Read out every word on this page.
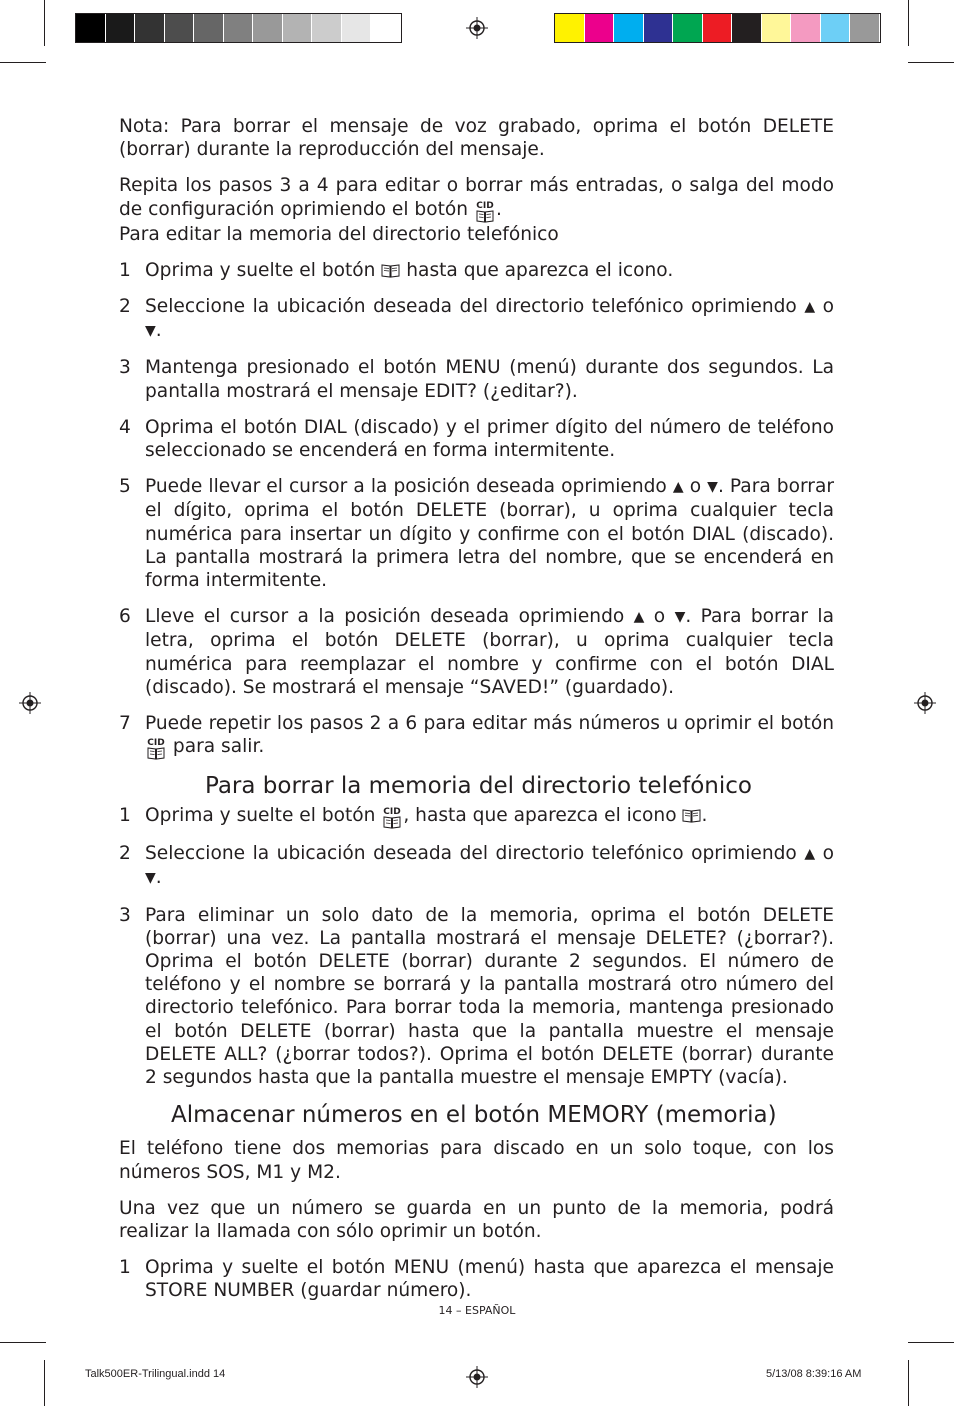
Nota: Para borrar el mensaje de voz grabado, oprima el botón DELETE (borrar) durante la reproducción del mensaje.

Repita los pasos 3 a 4 para editar o borrar más entradas, o salga del modo de configuración oprimiendo el botón CID .

Para editar la memoria del directorio telefónico

1 Oprima y suelte el botón  hasta que aparezca el icono.
2 Seleccione la ubicación deseada del directorio telefónico oprimiendo ▲ o ▼.
3 Mantenga presionado el botón MENU (menú) durante dos segundos. La pantalla mostrará el mensaje EDIT? (¿editar?).
4 Oprima el botón DIAL (discado) y el primer dígito del número de teléfono seleccionado se encenderá en forma intermitente.
5 Puede llevar el cursor a la posición deseada oprimiendo ▲ o ▼. Para borrar el dígito, oprima el botón DELETE (borrar), u oprima cualquier tecla numérica para insertar un dígito y confirme con el botón DIAL (discado). La pantalla mostrará la primera letra del nombre, que se encenderá en forma intermitente.
6 Lleve el cursor a la posición deseada oprimiendo ▲ o ▼. Para borrar la letra, oprima el botón DELETE (borrar), u oprima cualquier tecla numérica para reemplazar el nombre y confirme con el botón DIAL (discado). Se mostrará el mensaje “SAVED!” (guardado).
7 Puede repetir los pasos 2 a 6 para editar más números u oprimir el botón
CID para salir.
Para borrar la memoria del directorio telefónico
1 Oprima y suelte el botón CID , hasta que aparezca el icono .
2 Seleccione la ubicación deseada del directorio telefónico oprimiendo ▲ o ▼.
3 Para eliminar un solo dato de la memoria, oprima el botón DELETE (borrar) una vez. La pantalla mostrará el mensaje DELETE? (¿borrar?). Oprima el botón DELETE (borrar) durante 2 segundos. El número de teléfono y el nombre se borrará y la pantalla mostrará otro número del directorio telefónico. Para borrar toda la memoria, mantenga presionado el botón DELETE (borrar) hasta que la pantalla muestre el mensaje DELETE ALL? (¿borrar todos?). Oprima el botón DELETE (borrar) durante 2 segundos hasta que la pantalla muestre el mensaje EMPTY (vacía).
Almacenar números en el botón MEMORY (memoria)

El teléfono tiene dos memorias para discado en un solo toque, con los números SOS, M1 y M2.

Una vez que un número se guarda en un punto de la memoria, podrá realizar la llamada con sólo oprimir un botón.

1 Oprima y suelte el botón MENU (menú) hasta que aparezca el mensaje STORE NUMBER (guardar número).
14 – ESPAÑOL
Talk500ER-Trilingual.indd 14	5/13/08 8:39:16 AM
